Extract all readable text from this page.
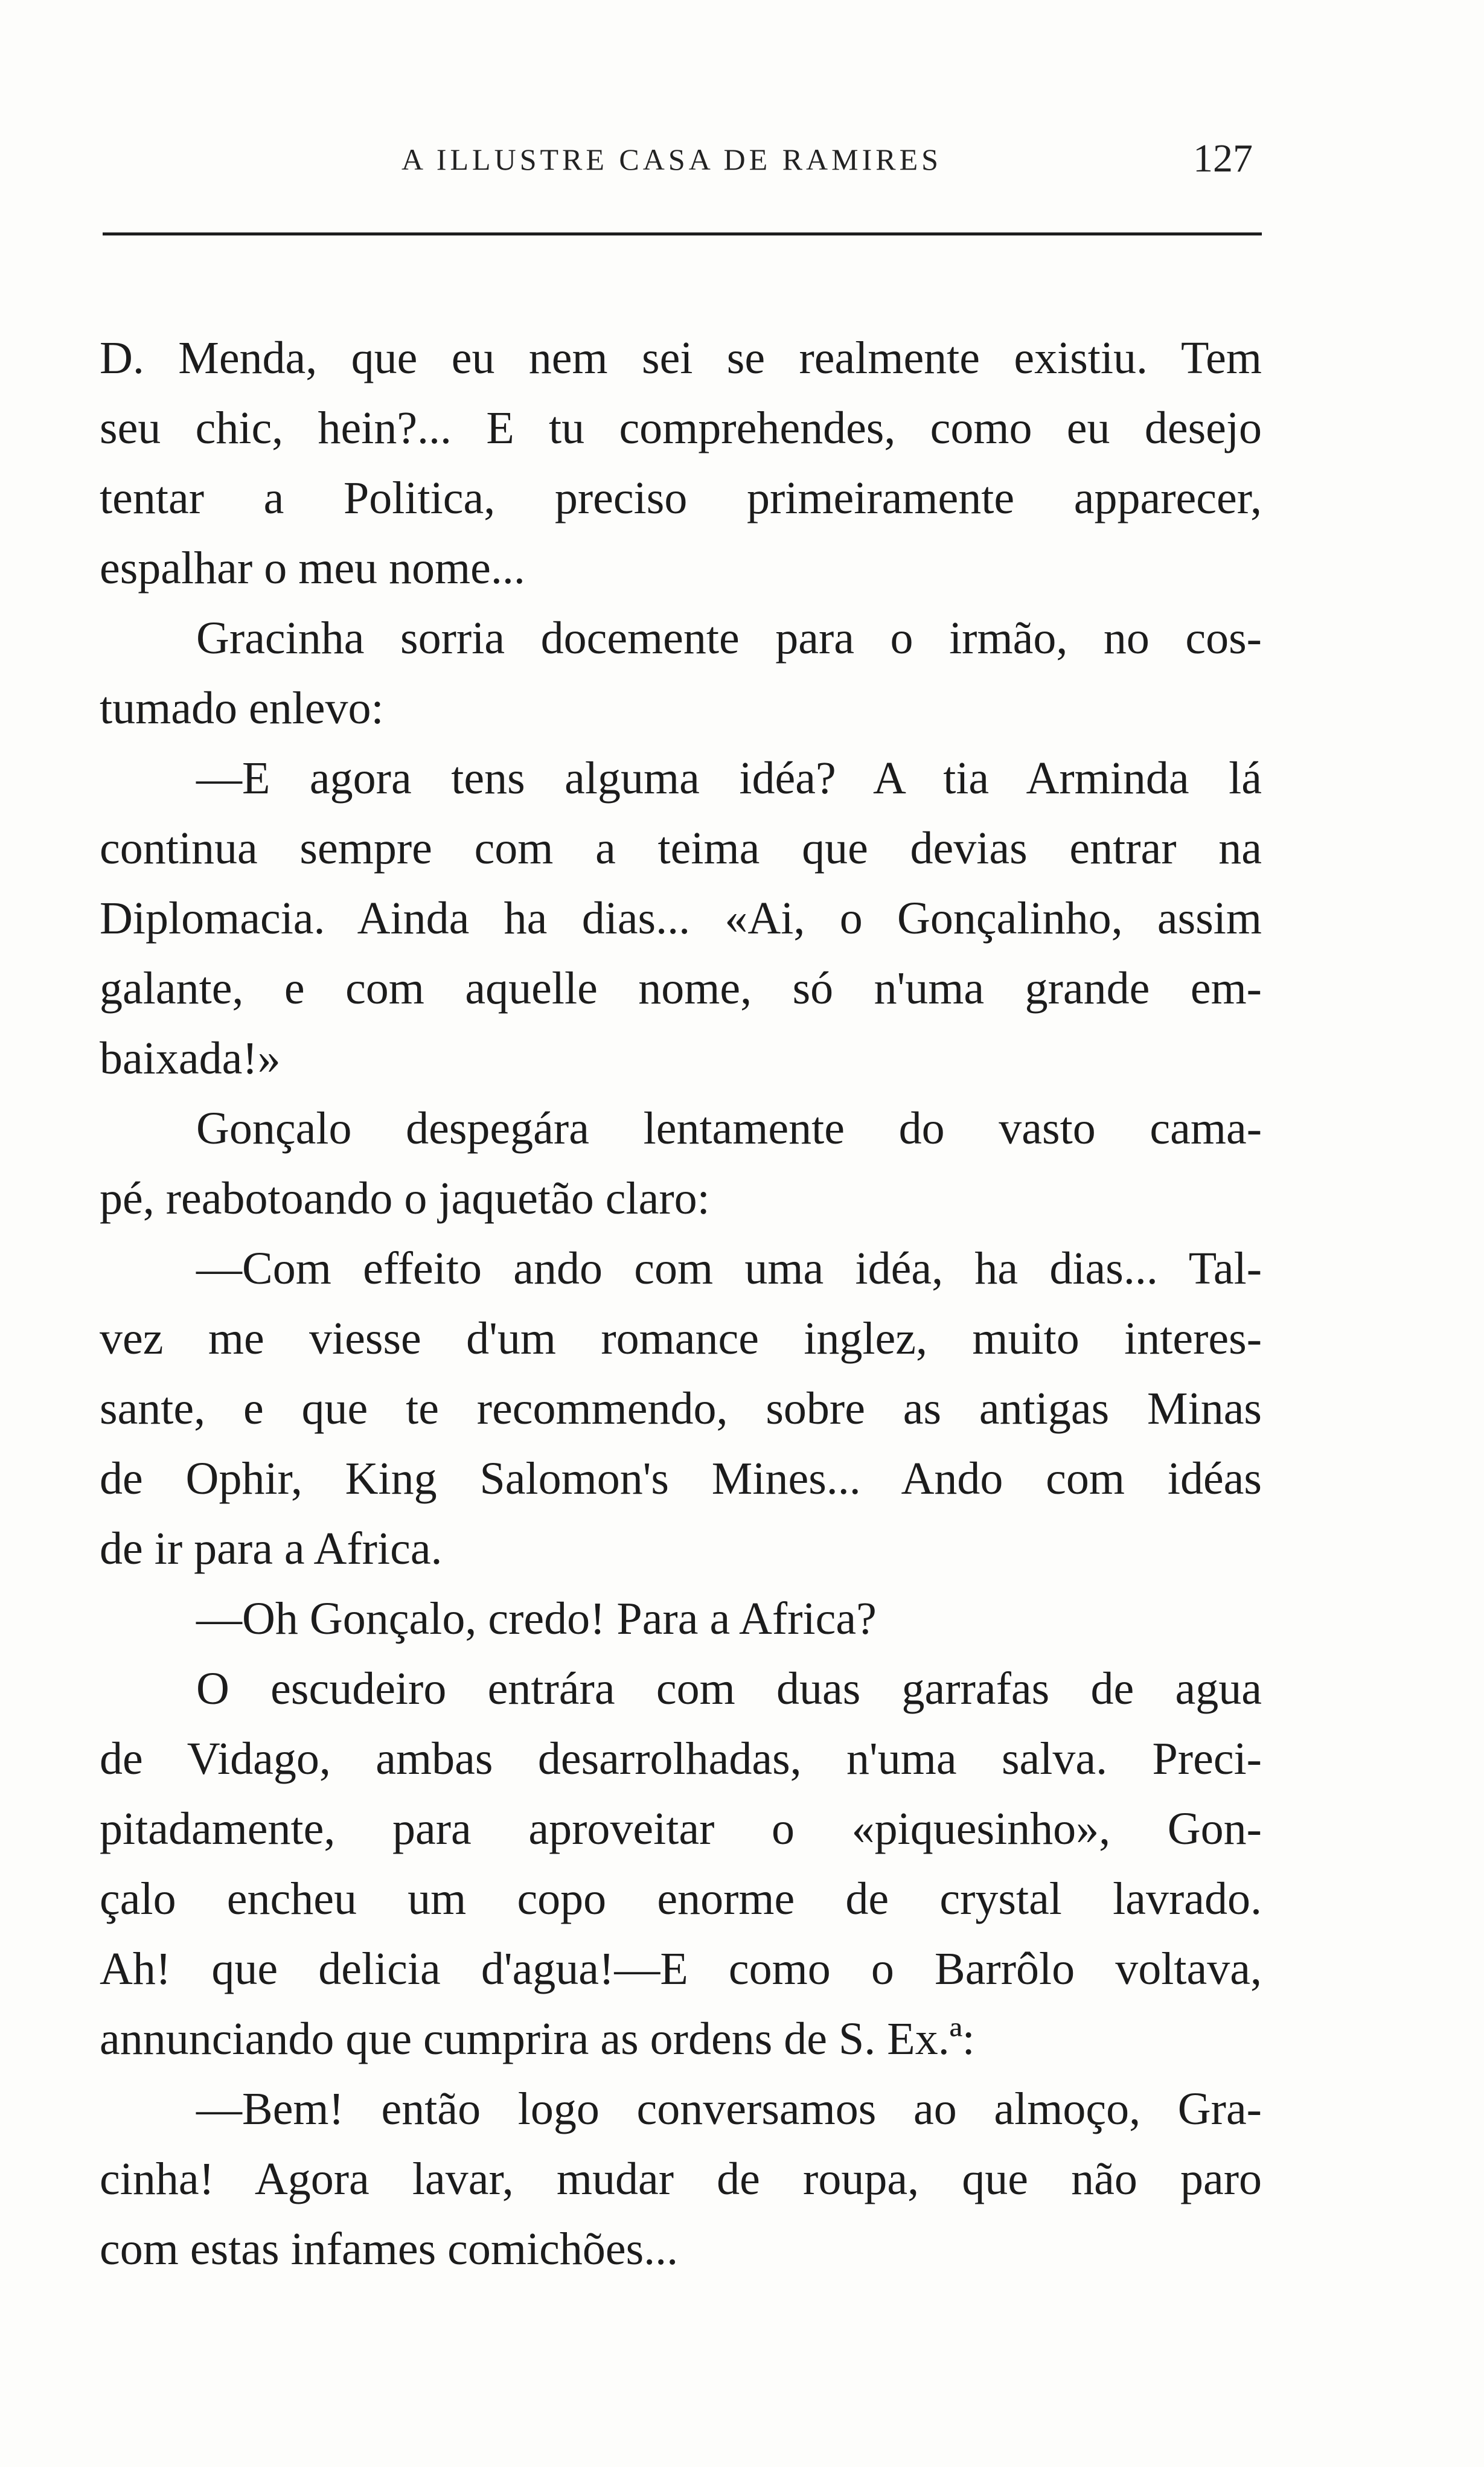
A ILLUSTRE CASA DE RAMIRES	127
D. Menda, que eu nem sei se realmente existiu. Tem
seu chic, hein?... E tu comprehendes, como eu desejo
tentar a Politica, preciso primeiramente apparecer,
espalhar o meu nome...
Gracinha sorria docemente para o irmão, no cos-
tumado enlevo:
—E agora tens alguma idéa? A tia Arminda lá
continua sempre com a teima que devias entrar na
Diplomacia. Ainda ha dias... «Ai, o Gonçalinho, assim
galante, e com aquelle nome, só n'uma grande em-
baixada!»
Gonçalo despegára lentamente do vasto cama-
pé, reabotoando o jaquetão claro:
—Com effeito ando com uma idéa, ha dias... Tal-
vez me viesse d'um romance inglez, muito interes-
sante, e que te recommendo, sobre as antigas Minas
de Ophir, King Salomon's Mines... Ando com idéas
de ir para a Africa.
—Oh Gonçalo, credo! Para a Africa?
O escudeiro entrára com duas garrafas de agua
de Vidago, ambas desarrolhadas, n'uma salva. Preci-
pitadamente, para aproveitar o «piquesinho», Gon-
çalo encheu um copo enorme de crystal lavrado.
Ah! que delicia d'agua!—E como o Barrôlo voltava,
annunciando que cumprira as ordens de S. Ex.ª:
—Bem! então logo conversamos ao almoço, Gra-
cinha! Agora lavar, mudar de roupa, que não paro
com estas infames comichões...
